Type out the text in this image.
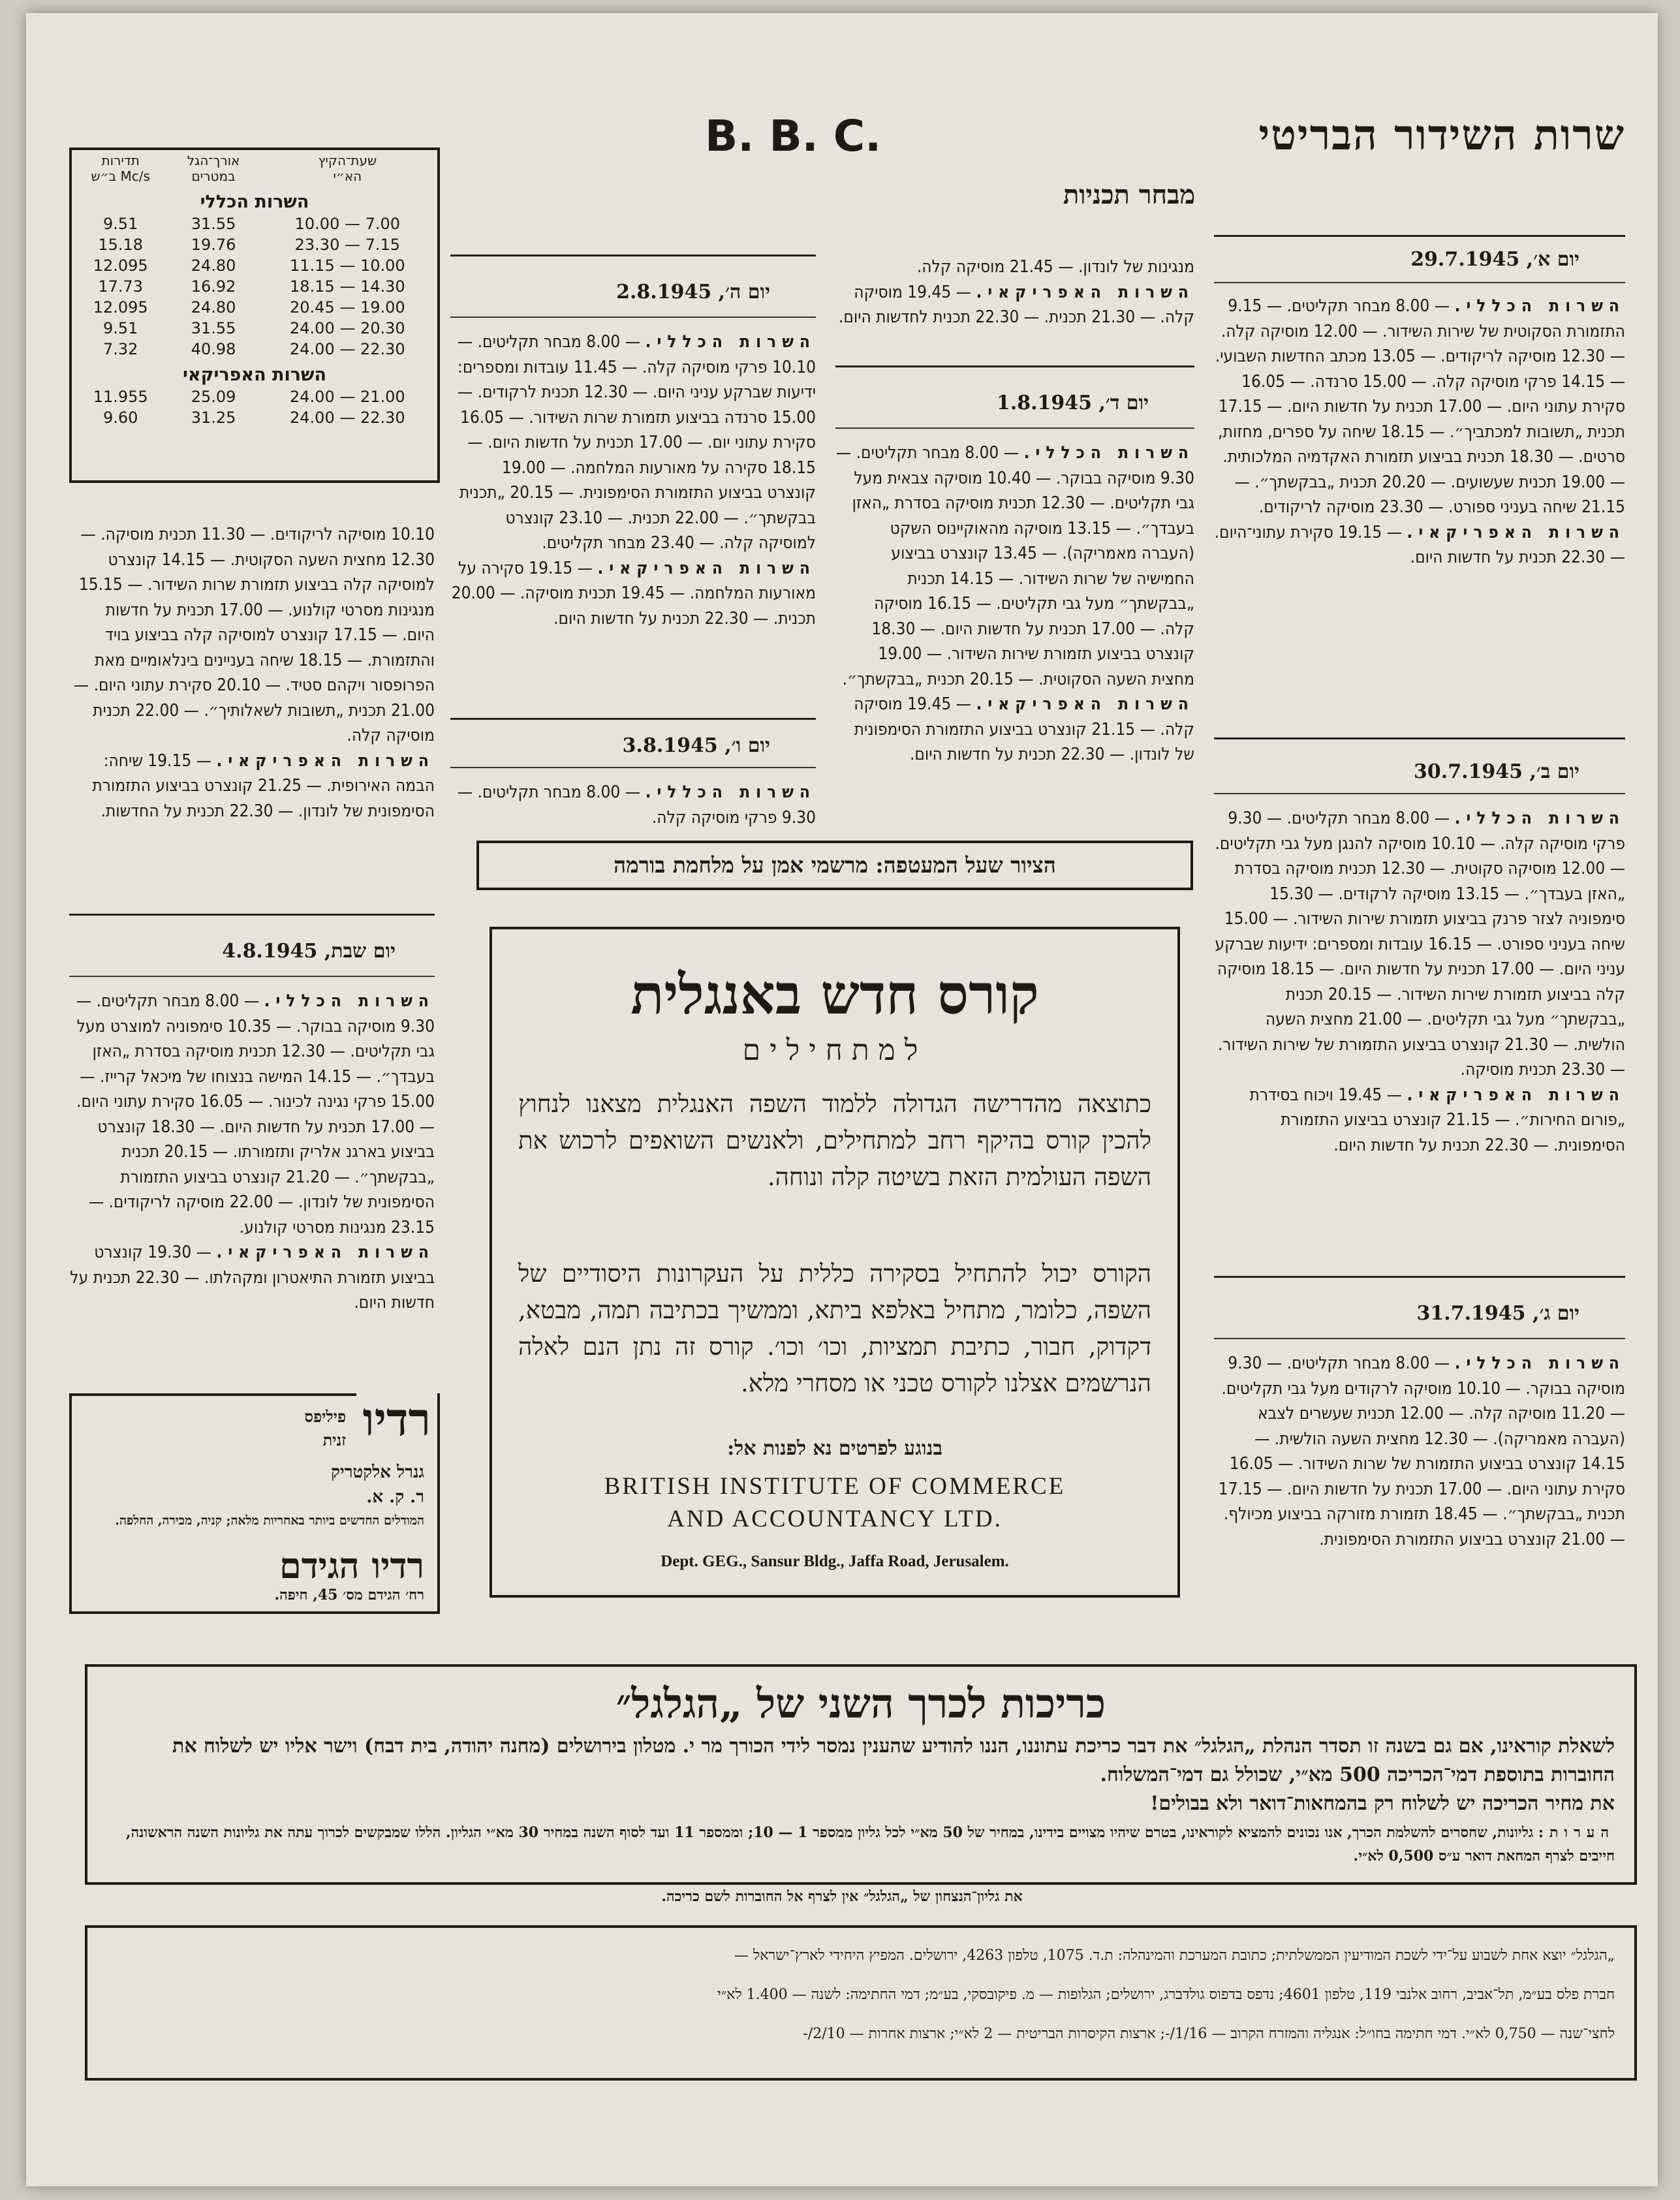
שרות השידור הבריטי
B. B. C.
מבחר תכניות
שעת־הקיץ
הא״י	אורך־הגל
במטרים	תדירות
Mc/s ב״ש
השרות הכללי		
7.00 — 10.00	31.55	9.51
7.15 — 23.30	19.76	15.18
10.00 — 11.15	24.80	12.095
14.30 — 18.15	16.92	17.73
19.00 — 20.45	24.80	12.095
20.30 — 24.00	31.55	9.51
22.30 — 24.00	40.98	7.32
השרות האפריקאי		
21.00 — 24.00	25.09	11.955
22.30 — 24.00	31.25	9.60
יום א׳, 29.7.1945
השרות הכללי. — 8.00 מבחר תקליטים. — 9.15 התזמורת הסקוטית של שירות השידור. — 12.00 מוסיקה קלה. — 12.30 מוסיקה לריקודים. — 13.05 מכתב החדשות השבועי. — 14.15 פרקי מוסיקה קלה. — 15.00 סרנדה. — 16.05 סקירת עתוני היום. — 17.00 תכנית על חדשות היום. — 17.15 תכנית „תשובות למכתביך״. — 18.15 שיחה על ספרים, מחזות, סרטים. — 18.30 תכנית בביצוע תזמורת האקדמיה המלכותית. — 19.00 תכנית שעשועים. — 20.20 תכנית „בבקשתך״. — 21.15 שיחה בעניני ספורט. — 23.30 מוסיקה לריקודים.
השרות האפריקאי. — 19.15 סקירת עתוני־היום. — 22.30 תכנית על חדשות היום.
יום ב׳, 30.7.1945
השרות הכללי. — 8.00 מבחר תקליטים. — 9.30 פרקי מוסיקה קלה. — 10.10 מוסיקה להנגן מעל גבי תקליטים. — 12.00 מוסיקה סקוטית. — 12.30 תכנית מוסיקה בסדרת „האזן בעבדך״. — 13.15 מוסיקה לרקודים. — 15.30 סימפוניה לצזר פרנק בביצוע תזמורת שירות השידור. — 15.00 שיחה בעניני ספורט. — 16.15 עובדות ומספרים: ידיעות שברקע עניני היום. — 17.00 תכנית על חדשות היום. — 18.15 מוסיקה קלה בביצוע תזמורת שירות השידור. — 20.15 תכנית „בבקשתך״ מעל גבי תקליטים. — 21.00 מחצית השעה הולשית. — 21.30 קונצרט בביצוע התזמורת של שירות השידור. — 23.30 תכנית מוסיקה.
השרות האפריקאי. — 19.45 ויכוח בסידרת „פורום החירות״. — 21.15 קונצרט בביצוע התזמורת הסימפונית. — 22.30 תכנית על חדשות היום.
יום ג׳, 31.7.1945
השרות הכללי. — 8.00 מבחר תקליטים. — 9.30 מוסיקה בבוקר. — 10.10 מוסיקה לרקודים מעל גבי תקליטים. — 11.20 מוסיקה קלה. — 12.00 תכנית שעשרים לצבא (העברה מאמריקה). — 12.30 מחצית השעה הולשית. — 14.15 קונצרט בביצוע התזמורת של שרות השידור. — 16.05 סקירת עתוני היום. — 17.00 תכנית על חדשות היום. — 17.15 תכנית „בבקשתך״. — 18.45 תזמורת מזורקה בביצוע מכיולף. — 21.00 קונצרט בביצוע התזמורת הסימפונית.
מנגינות של לונדון. — 21.45 מוסיקה קלה.
השרות האפריקאי. — 19.45 מוסיקה קלה. — 21.30 תכנית. — 22.30 תכנית לחדשות היום.
יום ד׳, 1.8.1945
השרות הכללי. — 8.00 מבחר תקליטים. — 9.30 מוסיקה בבוקר. — 10.40 מוסיקה צבאית מעל גבי תקליטים. — 12.30 תכנית מוסיקה בסדרת „האזן בעבדך״. — 13.15 מוסיקה מהאוקיינוס השקט (העברה מאמריקה). — 13.45 קונצרט בביצוע החמישיה של שרות השידור. — 14.15 תכנית „בבקשתך״ מעל גבי תקליטים. — 16.15 מוסיקה קלה. — 17.00 תכנית על חדשות היום. — 18.30 קונצרט בביצוע תזמורת שירות השידור. — 19.00 מחצית השעה הסקוטית. — 20.15 תכנית „בבקשתך״.
השרות האפריקאי. — 19.45 מוסיקה קלה. — 21.15 קונצרט בביצוע התזמורת הסימפונית של לונדון. — 22.30 תכנית על חדשות היום.
יום ה׳, 2.8.1945
השרות הכללי. — 8.00 מבחר תקליטים. — 10.10 פרקי מוסיקה קלה. — 11.45 עובדות ומספרים: ידיעות שברקע עניני היום. — 12.30 תכנית לרקודים. — 15.00 סרנדה בביצוע תזמורת שרות השידור. — 16.05 סקירת עתוני יום. — 17.00 תכנית על חדשות היום. — 18.15 סקירה על מאורעות המלחמה. — 19.00 קונצרט בביצוע התזמורת הסימפונית. — 20.15 „תכנית בבקשתך״. — 22.00 תכנית. — 23.10 קונצרט למוסיקה קלה. — 23.40 מבחר תקליטים.
השרות האפריקאי. — 19.15 סקירה על מאורעות המלחמה. — 19.45 תכנית מוסיקה. — 20.00 תכנית. — 22.30 תכנית על חדשות היום.
יום ו׳, 3.8.1945
השרות הכללי. — 8.00 מבחר תקליטים. — 9.30 פרקי מוסיקה קלה.
10.10 מוסיקה לריקודים. — 11.30 תכנית מוסיקה. — 12.30 מחצית השעה הסקוטית. — 14.15 קונצרט למוסיקה קלה בביצוע תזמורת שרות השידור. — 15.15 מנגינות מסרטי קולנוע. — 17.00 תכנית על חדשות היום. — 17.15 קונצרט למוסיקה קלה בביצוע בויד והתזמורת. — 18.15 שיחה בעניינים בינלאומיים מאת הפרופסור ויקהם סטיד. — 20.10 סקירת עתוני היום. — 21.00 תכנית „תשובות לשאלותיך״. — 22.00 תכנית מוסיקה קלה.
השרות האפריקאי. — 19.15 שיחה: הבמה האירופית. — 21.25 קונצרט בביצוע התזמורת הסימפונית של לונדון. — 22.30 תכנית על החדשות.
יום שבת, 4.8.1945
השרות הכללי. — 8.00 מבחר תקליטים. — 9.30 מוסיקה בבוקר. — 10.35 סימפוניה למוצרט מעל גבי תקליטים. — 12.30 תכנית מוסיקה בסדרת „האזן בעבדך״. — 14.15 המישה בנצוחו של מיכאל קרייז. — 15.00 פרקי נגינה לכינור. — 16.05 סקירת עתוני היום. — 17.00 תכנית על חדשות היום. — 18.30 קונצרט בביצוע בארגנ אלריק ותזמורתו. — 20.15 תכנית „בבקשתך״. — 21.20 קונצרט בביצוע התזמורת הסימפונית של לונדון. — 22.00 מוסיקה לריקודים. — 23.15 מנגינות מסרטי קולנוע.
השרות האפריקאי. — 19.30 קונצרט בביצוע תזמורת התיאטרון ומקהלתו. — 22.30 תכנית על חדשות היום.
רדיו
פיליפס
זנית
גנרל אלקטריק
ר. ק. א.
המודלים החדשים ביותר באחריות מלאה; קניה, מכירה, החלפה.
רדיו הגידם
רח׳ הגידם מס׳ 45, חיפה.
הציור שעל המעטפה: מרשמי אמן על מלחמת בורמה
קורס חדש באנגלית
למתחילים
כתוצאה מהדרישה הגדולה ללמוד השפה האנגלית מצאנו לנחוץ להכין קורס בהיקף רחב למתחילים, ולאנשים השואפים לרכוש את השפה העולמית הזאת בשיטה קלה ונוחה.
הקורס יכול להתחיל בסקירה כללית על העקרונות היסודיים של השפה, כלומר, מתחיל באלפא ביתא, וממשיך בכתיבה תמה, מבטא, דקדוק, חבור, כתיבת תמציות, וכו׳ וכו׳. קורס זה נתן הנם לאלה הנרשמים אצלנו לקורס טכני או מסחרי מלא.
בנוגע לפרטים נא לפנות אל:
BRITISH INSTITUTE OF COMMERCE
AND ACCOUNTANCY LTD.
Dept. GEG., Sansur Bldg., Jaffa Road, Jerusalem.
כריכות לכרך השני של „הגלגל״
לשאלת קוראינו, אם גם בשנה זו תסדר הנהלת „הגלגל״ את דבר כריכת עתוננו, הננו להודיע שהענין נמסר לידי הכורך מר י. מטלון בירושלים (מחנה יהודה, בית דבח) וישר אליו יש לשלוח את החוברות בתוספת דמי־הכריכה 500 מא״י, שכולל גם דמי־המשלוח.
את מחיר הכריכה יש לשלוח רק בהמחאות־דואר ולא בבולים!
הערות: גליונות, שחסרים להשלמת הכרך, אנו נכונים להמציא לקוראינו, בטרם שיהיו מצויים בידינו, במחיר של 50 מא״י לכל גליון ממספר 1 — 10; וממספר 11 ועד לסוף השנה במחיר 30 מא״י הגליון. הללו שמבקשים לכרוך עתה את גליונות השנה הראשונה, חייבים לצרף המחאת דואר ע״ס 0,500 לא״י.
את גליון־הנצחון של „הגלגל״ אין לצרף אל החוברות לשם כריכה.
„הגלגל״ יוצא אחת לשבוע על־ידי לשכת המודיעין הממשלתית; כתובת המערכת והמינהלה: ת.ד. 1075, טלפון 4263, ירושלים. המפיץ היחידי לארץ־ישראל —
חברת פלס בע״מ, תל־אביב, רחוב אלנבי 119, טלפון 4601; נדפס בדפוס גולדברג, ירושלים; הגלופות — מ. פיקובסקי, בע״מ; דמי החתימה: לשנה — 1.400 לא״י
לחצי־שנה — 0,750 לא״י. דמי חתימה בחו״ל: אנגליה והמזרח הקרוב — 1/16/-; ארצות הקיסרות הבריטית — 2 לא״י; ארצות אחרות — 2/10/-
